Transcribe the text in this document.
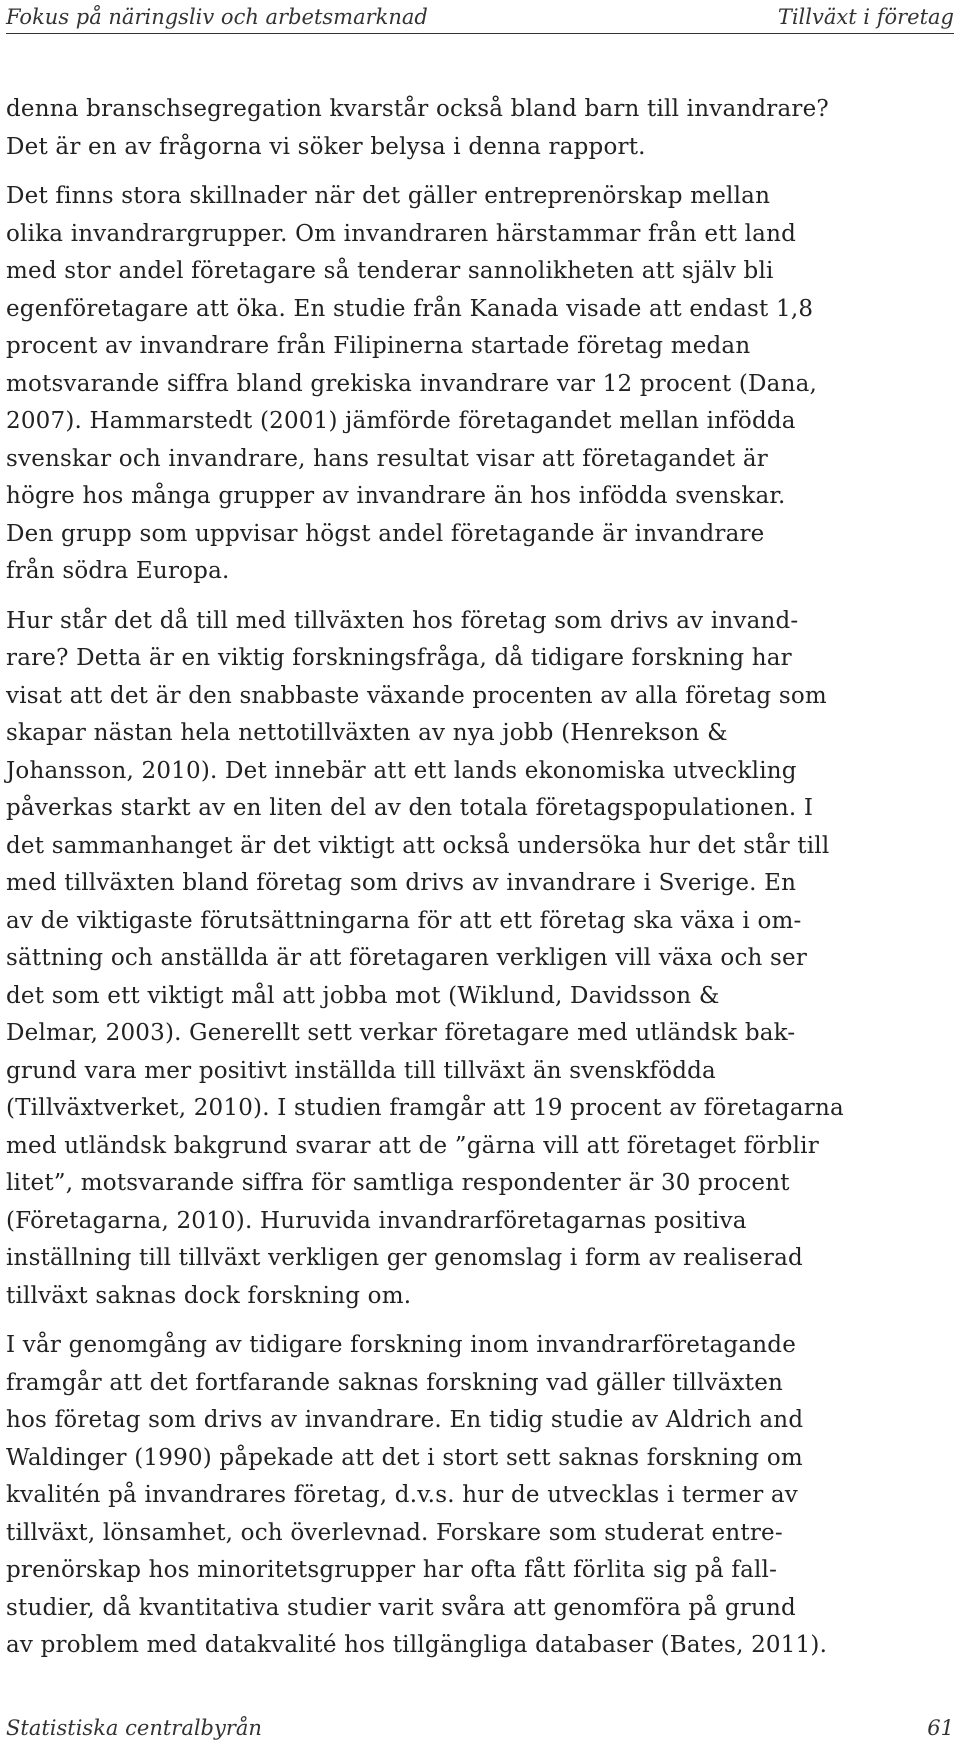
Fokus på näringsliv och arbetsmarknad	Tillväxt i företag

denna branschsegregation kvarstår också bland barn till invandrare?
Det är en av frågorna vi söker belysa i denna rapport.

Det finns stora skillnader när det gäller entreprenörskap mellan
olika invandrargrupper. Om invandraren härstammar från ett land
med stor andel företagare så tenderar sannolikheten att själv bli
egenföretagare att öka. En studie från Kanada visade att endast 1,8
procent av invandrare från Filipinerna startade företag medan
motsvarande siffra bland grekiska invandrare var 12 procent (Dana,
2007). Hammarstedt (2001) jämförde företagandet mellan infödda
svenskar och invandrare, hans resultat visar att företagandet är
högre hos många grupper av invandrare än hos infödda svenskar.
Den grupp som uppvisar högst andel företagande är invandrare
från södra Europa.

Hur står det då till med tillväxten hos företag som drivs av invand-
rare? Detta är en viktig forskningsfråga, då tidigare forskning har
visat att det är den snabbaste växande procenten av alla företag som
skapar nästan hela nettotillväxten av nya jobb (Henrekson &
Johansson, 2010). Det innebär att ett lands ekonomiska utveckling
påverkas starkt av en liten del av den totala företagspopulationen. I
det sammanhanget är det viktigt att också undersöka hur det står till
med tillväxten bland företag som drivs av invandrare i Sverige. En
av de viktigaste förutsättningarna för att ett företag ska växa i om-
sättning och anställda är att företagaren verkligen vill växa och ser
det som ett viktigt mål att jobba mot (Wiklund, Davidsson &
Delmar, 2003). Generellt sett verkar företagare med utländsk bak-
grund vara mer positivt inställda till tillväxt än svenskfödda
(Tillväxtverket, 2010). I studien framgår att 19 procent av företagarna
med utländsk bakgrund svarar att de ”gärna vill att företaget förblir
litet”, motsvarande siffra för samtliga respondenter är 30 procent
(Företagarna, 2010). Huruvida invandrarföretagarnas positiva
inställning till tillväxt verkligen ger genomslag i form av realiserad
tillväxt saknas dock forskning om.

I vår genomgång av tidigare forskning inom invandrarföretagande
framgår att det fortfarande saknas forskning vad gäller tillväxten
hos företag som drivs av invandrare. En tidig studie av Aldrich and
Waldinger (1990) påpekade att det i stort sett saknas forskning om
kvalitén på invandrares företag, d.v.s. hur de utvecklas i termer av
tillväxt, lönsamhet, och överlevnad. Forskare som studerat entre-
prenörskap hos minoritetsgrupper har ofta fått förlita sig på fall-
studier, då kvantitativa studier varit svåra att genomföra på grund
av problem med datakvalité hos tillgängliga databaser (Bates, 2011).

Statistiska centralbyrån	61
